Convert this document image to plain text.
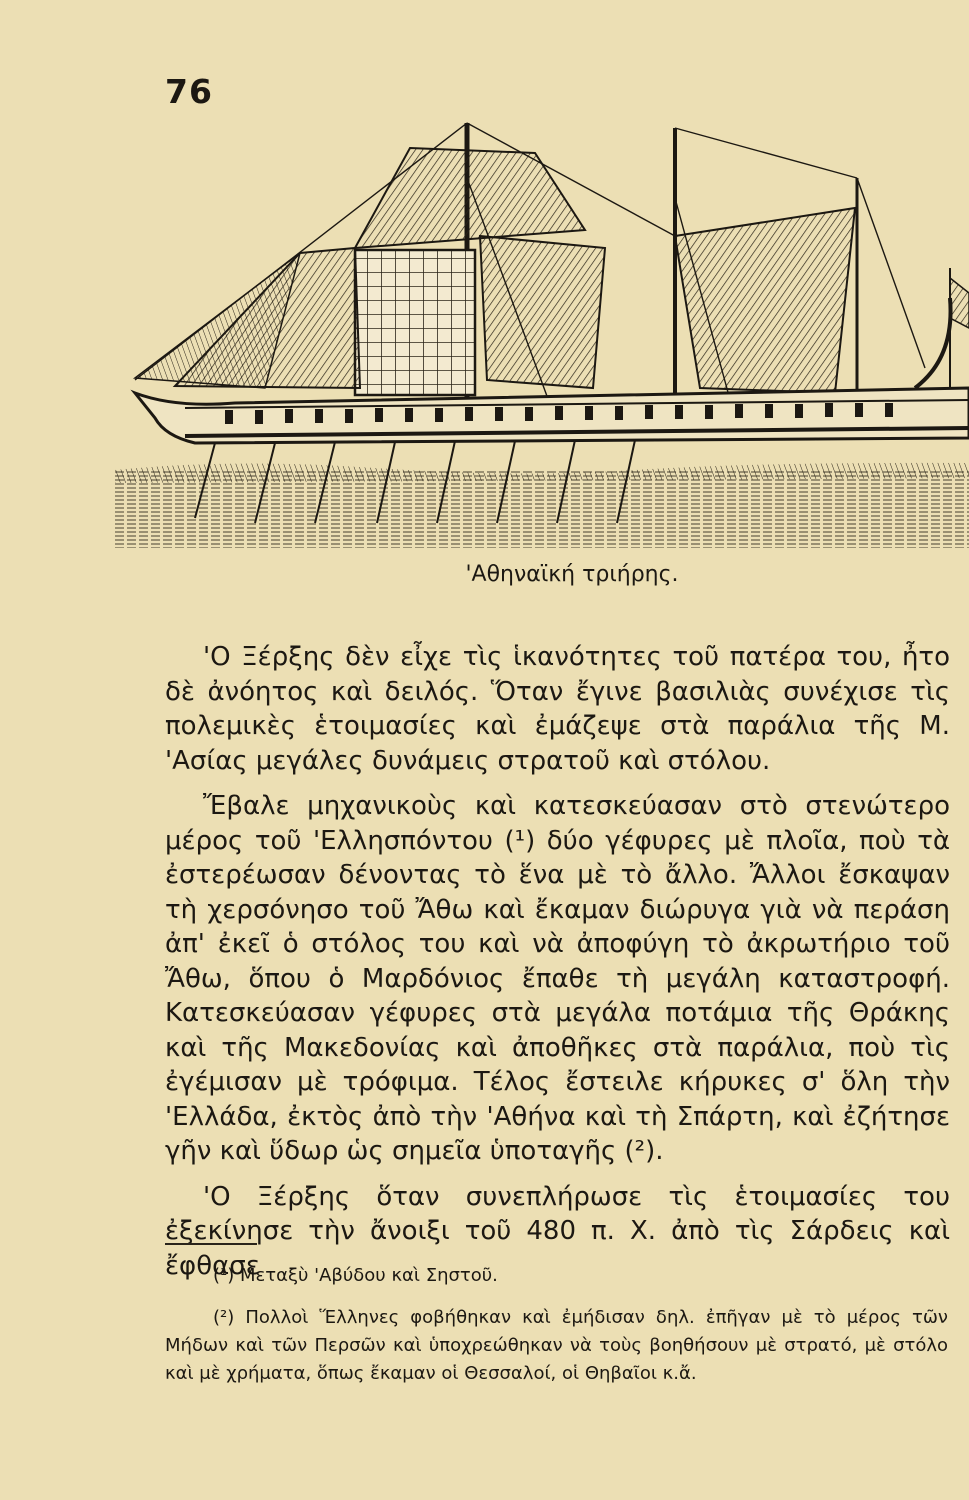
76
'Αθηναϊκή τριήρης.

'Ο Ξέρξης δὲν εἶχε τὶς ἱκανότητες τοῦ πατέρα του, ἦτο δὲ ἀνόητος καὶ δειλός. Ὅταν ἔγινε βασιλιὰς συνέχισε τὶς πολεμικὲς ἑτοιμασίες καὶ ἐμάζεψε στὰ παράλια τῆς Μ. 'Ασίας μεγάλες δυνάμεις στρατοῦ καὶ στόλου.

Ἔβαλε μηχανικοὺς καὶ κατεσκεύασαν στὸ στενώτερο μέρος τοῦ 'Ελλησπόντου (¹) δύο γέφυρες μὲ πλοῖα, ποὺ τὰ ἐστερέωσαν δένοντας τὸ ἕνα μὲ τὸ ἄλλο. Ἄλλοι ἔσκαψαν τὴ χερσόνησο τοῦ Ἄθω καὶ ἔκαμαν διώρυγα γιὰ νὰ περάση ἀπ' ἐκεῖ ὁ στόλος του καὶ νὰ ἀποφύγη τὸ ἀκρωτήριο τοῦ Ἄθω, ὅπου ὁ Μαρδόνιος ἔπαθε τὴ μεγάλη καταστροφή. Κατεσκεύασαν γέφυρες στὰ μεγάλα ποτάμια τῆς Θράκης καὶ τῆς Μακεδονίας καὶ ἀποθῆκες στὰ παράλια, ποὺ τὶς ἐγέμισαν μὲ τρόφιμα. Τέλος ἔστειλε κήρυκες σ' ὅλη τὴν 'Ελλάδα, ἐκτὸς ἀπὸ τὴν 'Αθήνα καὶ τὴ Σπάρτη, καὶ ἐζήτησε γῆν καὶ ὕδωρ ὡς σημεῖα ὑποταγῆς (²).

'Ο Ξέρξης ὅταν συνεπλήρωσε τὶς ἑτοιμασίες του ἐξεκίνησε τὴν ἄνοιξι τοῦ 480 π. Χ. ἀπὸ τὶς Σάρδεις καὶ ἔφθασε

(¹) Μεταξὺ 'Αβύδου καὶ Σηστοῦ.

(²) Πολλοὶ Ἕλληνες φοβήθηκαν καὶ ἐμήδισαν δηλ. ἐπῆγαν μὲ τὸ μέρος τῶν Μήδων καὶ τῶν Περσῶν καὶ ὑποχρεώθηκαν νὰ τοὺς βοηθήσουν μὲ στρατό, μὲ στόλο καὶ μὲ χρήματα, ὅπως ἔκαμαν οἱ Θεσσαλοί, οἱ Θηβαῖοι κ.ἄ.
